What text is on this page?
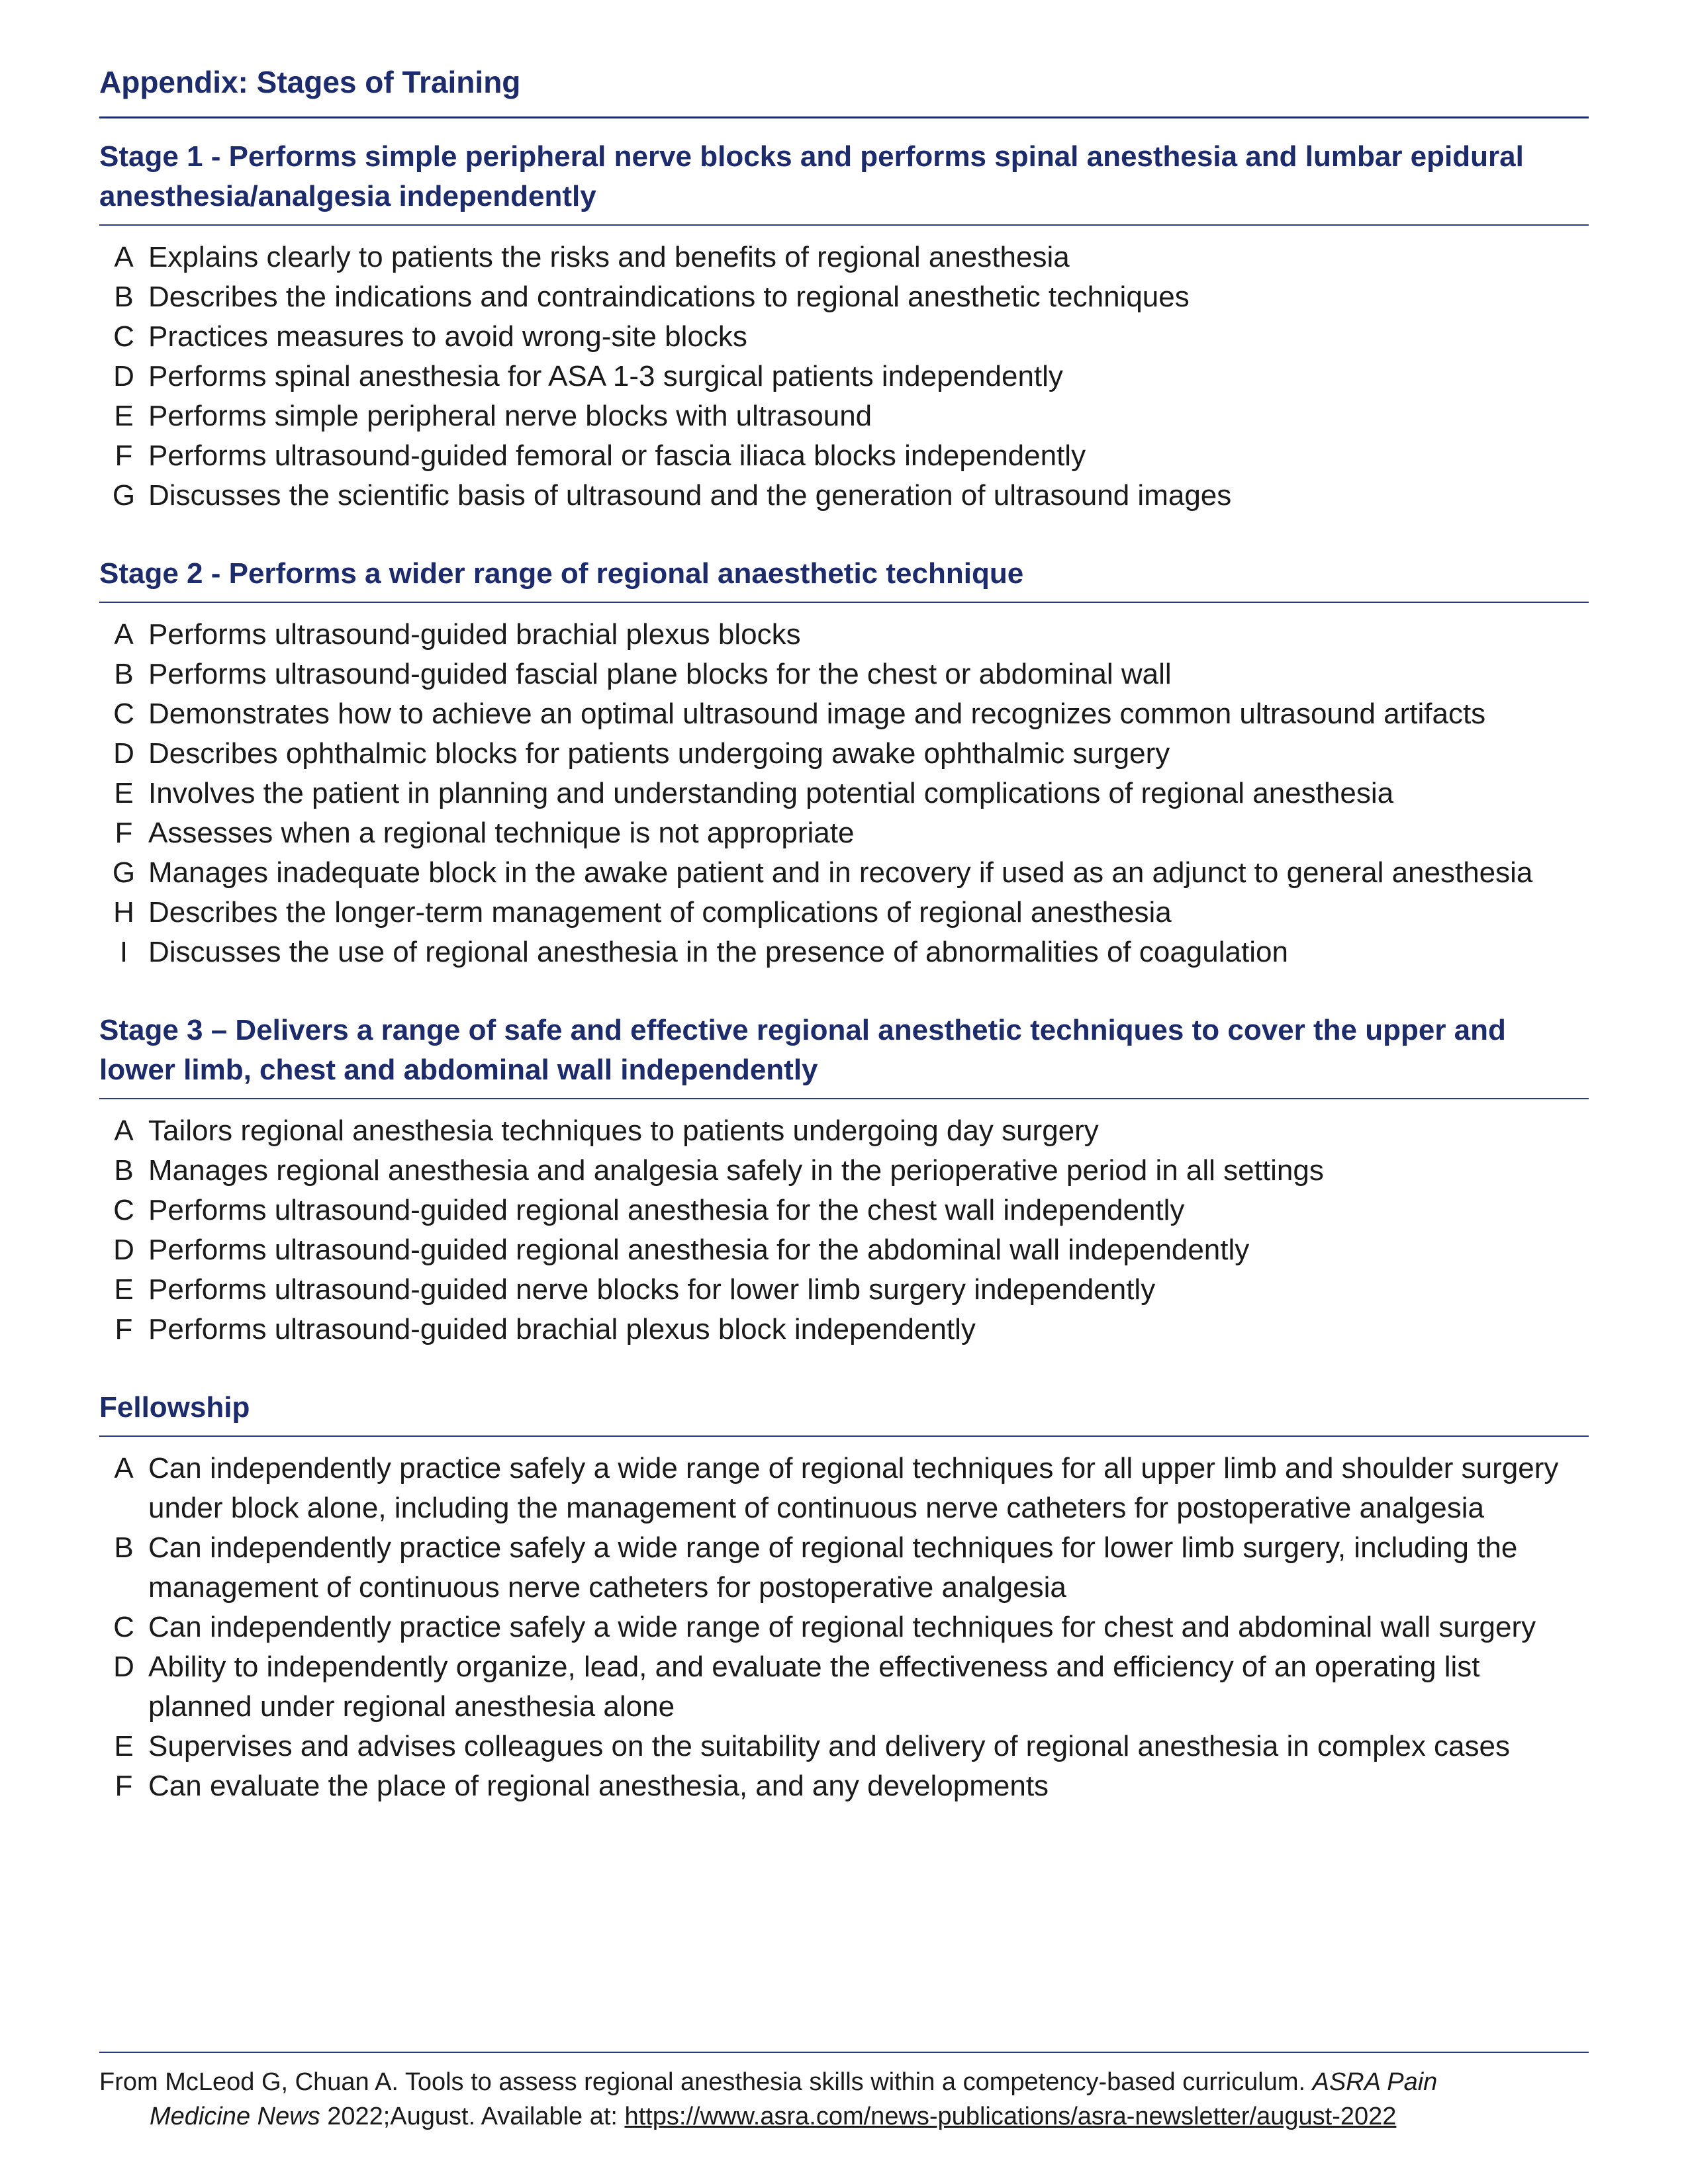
Appendix: Stages of Training
Stage 1 - Performs simple peripheral nerve blocks and performs spinal anesthesia and lumbar epidural anesthesia/analgesia independently
A Explains clearly to patients the risks and benefits of regional anesthesia
B Describes the indications and contraindications to regional anesthetic techniques
C Practices measures to avoid wrong-site blocks
D Performs spinal anesthesia for ASA 1-3 surgical patients independently
E Performs simple peripheral nerve blocks with ultrasound
F Performs ultrasound-guided femoral or fascia iliaca blocks independently
G Discusses the scientific basis of ultrasound and the generation of ultrasound images
Stage 2 - Performs a wider range of regional anaesthetic technique
A Performs ultrasound-guided brachial plexus blocks
B Performs ultrasound-guided fascial plane blocks for the chest or abdominal wall
C Demonstrates how to achieve an optimal ultrasound image and recognizes common ultrasound artifacts
D Describes ophthalmic blocks for patients undergoing awake ophthalmic surgery
E Involves the patient in planning and understanding potential complications of regional anesthesia
F Assesses when a regional technique is not appropriate
G Manages inadequate block in the awake patient and in recovery if used as an adjunct to general anesthesia
H Describes the longer-term management of complications of regional anesthesia
I Discusses the use of regional anesthesia in the presence of abnormalities of coagulation
Stage 3 – Delivers a range of safe and effective regional anesthetic techniques to cover the upper and lower limb, chest and abdominal wall independently
A Tailors regional anesthesia techniques to patients undergoing day surgery
B Manages regional anesthesia and analgesia safely in the perioperative period in all settings
C Performs ultrasound-guided regional anesthesia for the chest wall independently
D Performs ultrasound-guided regional anesthesia for the abdominal wall independently
E Performs ultrasound-guided nerve blocks for lower limb surgery independently
F Performs ultrasound-guided brachial plexus block independently
Fellowship
A Can independently practice safely a wide range of regional techniques for all upper limb and shoulder surgery under block alone, including the management of continuous nerve catheters for postoperative analgesia
B Can independently practice safely a wide range of regional techniques for lower limb surgery, including the management of continuous nerve catheters for postoperative analgesia
C Can independently practice safely a wide range of regional techniques for chest and abdominal wall surgery
D Ability to independently organize, lead, and evaluate the effectiveness and efficiency of an operating list planned under regional anesthesia alone
E Supervises and advises colleagues on the suitability and delivery of regional anesthesia in complex cases
F Can evaluate the place of regional anesthesia, and any developments
From McLeod G, Chuan A. Tools to assess regional anesthesia skills within a competency-based curriculum. ASRA Pain
Medicine News 2022;August. Available at: https://www.asra.com/news-publications/asra-newsletter/august-2022
